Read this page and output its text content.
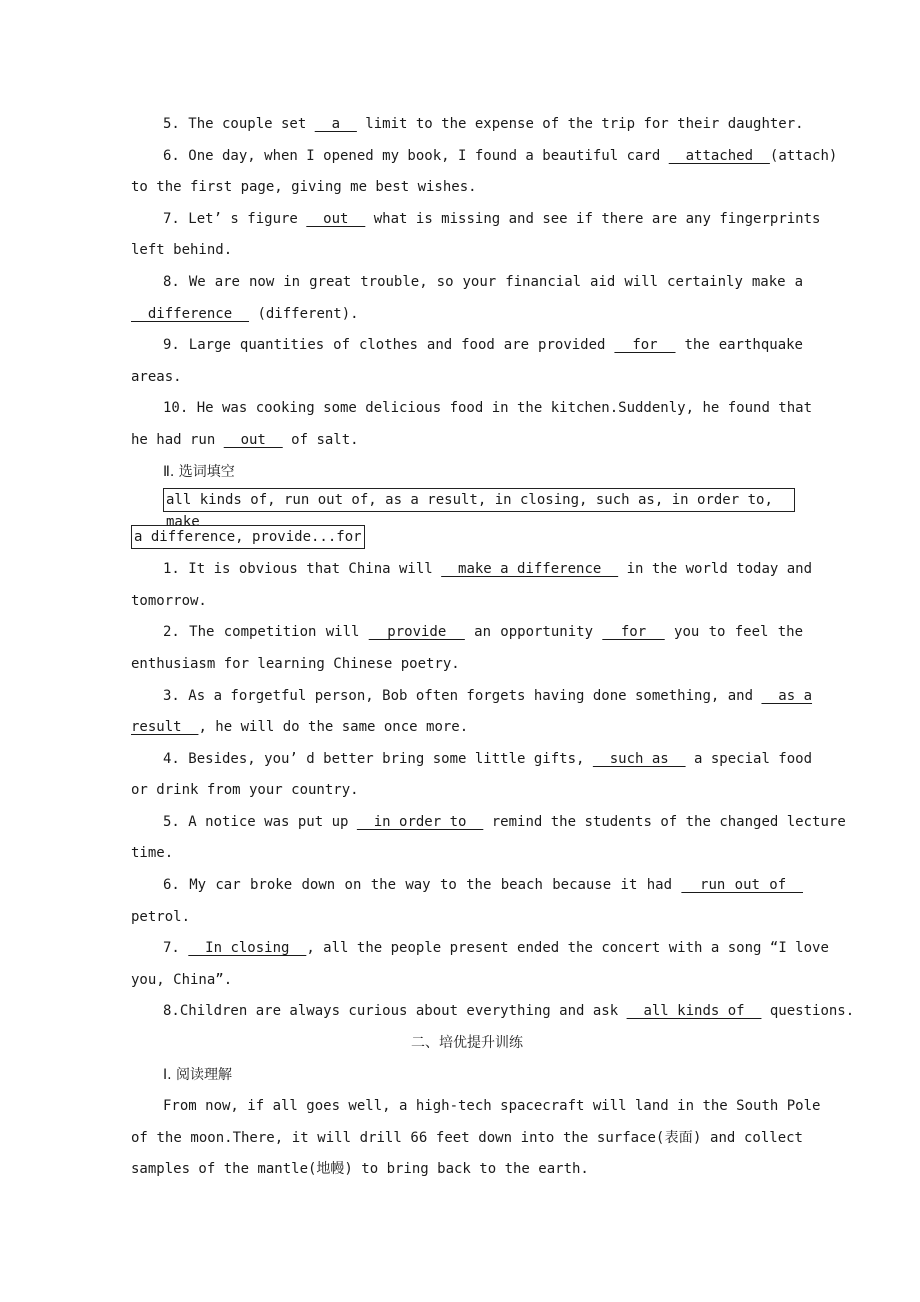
5. The couple set   a   limit to the expense of the trip for their daughter.
6. One day, when I opened my book, I found a beautiful card   attached  (attach)
to the first page, giving me best wishes.
7. Let’ s figure   out   what is missing and see if there are any fingerprints
left behind.
8. We are now in great trouble, so your financial aid will certainly make a
difference   (different).
9. Large quantities of clothes and food are provided   for   the earthquake
areas.
10. He was cooking some delicious food in the kitchen.Suddenly, he found that
he had run   out   of salt.
Ⅱ. 选词填空
all kinds of, run out of, as a result, in closing, such as, in order to, make
a difference, provide...for
1. It is obvious that China will   make a difference   in the world today and
tomorrow.
2. The competition will   provide   an opportunity   for   you to feel the
enthusiasm for learning Chinese poetry.
3. As a forgetful person, Bob often forgets having done something, and   as a
result  , he will do the same once more.
4. Besides, you’ d better bring some little gifts,   such as   a special food
or drink from your country.
5. A notice was put up   in order to   remind the students of the changed lecture
time.
6. My car broke down on the way to the beach because it had   run out of
petrol.
7.   In closing  , all the people present ended the concert with a song “I love
you, China”.
8.Children are always curious about everything and ask   all kinds of   questions.
二、培优提升训练
Ⅰ. 阅读理解
From now, if all goes well, a high-tech spacecraft will land in the South Pole
of the moon.There, it will drill 66 feet down into the surface(表面) and collect
samples of the mantle(地幔) to bring back to the earth.
